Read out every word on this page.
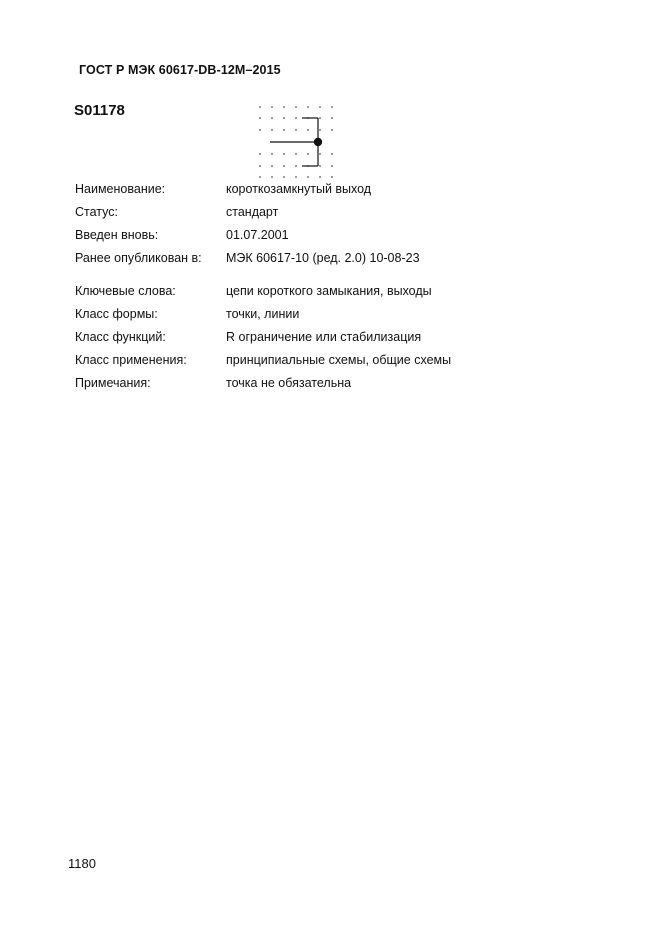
ГОСТ Р МЭК 60617-DB-12M–2015
S01178
Наименование:	короткозамкнутый выход
Статус:	стандарт
Введен вновь:	01.07.2001
Ранее опубликован в:	МЭК 60617-10 (ред. 2.0) 10-08-23
Ключевые слова:	цепи короткого замыкания, выходы
Класс формы:	точки, линии
Класс функций:	R ограничение или стабилизация
Класс применения:	принципиальные схемы, общие схемы
Примечания:	точка не обязательна
1180
